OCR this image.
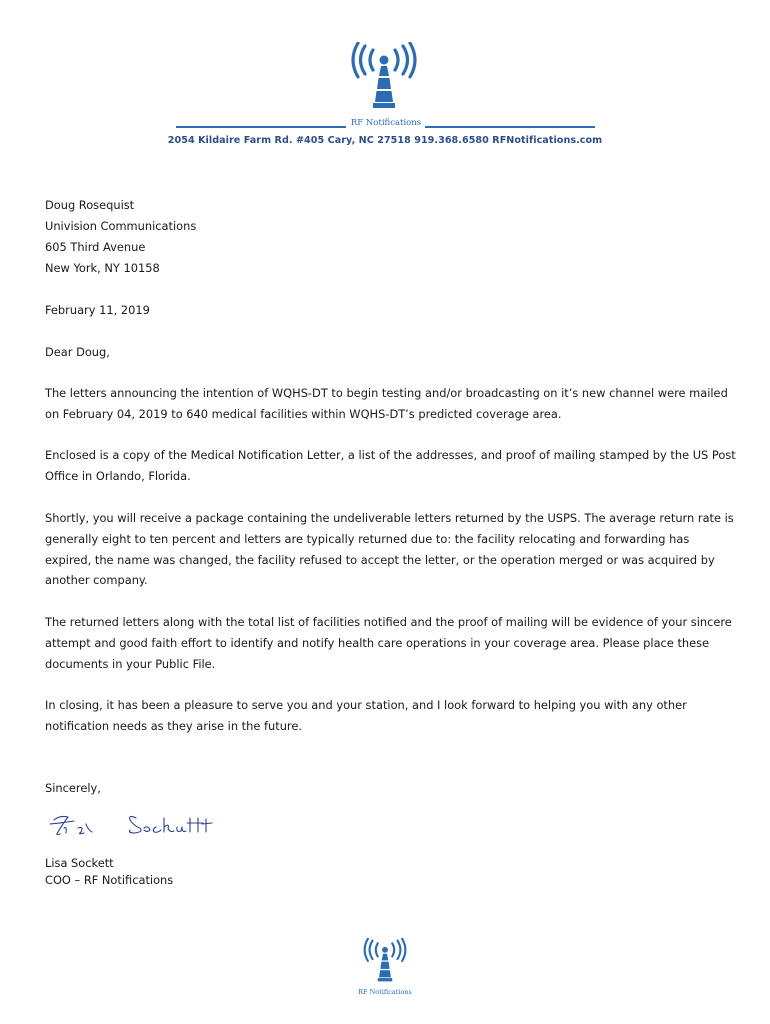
RF Notifications
2054 Kildaire Farm Rd. #405 Cary, NC 27518 919.368.6580 RFNotifications.com
Doug Rosequist
Univision Communications
605 Third Avenue
New York, NY 10158
February 11, 2019
Dear Doug,
The letters announcing the intention of WQHS-DT to begin testing and/or broadcasting on it’s new channel were mailed
on February 04, 2019 to 640 medical facilities within WQHS-DT’s predicted coverage area.
Enclosed is a copy of the Medical Notification Letter, a list of the addresses, and proof of mailing stamped by the US Post
Office in Orlando, Florida.
Shortly, you will receive a package containing the undeliverable letters returned by the USPS. The average return rate is
generally eight to ten percent and letters are typically returned due to: the facility relocating and forwarding has
expired, the name was changed, the facility refused to accept the letter, or the operation merged or was acquired by
another company.
The returned letters along with the total list of facilities notified and the proof of mailing will be evidence of your sincere
attempt and good faith effort to identify and notify health care operations in your coverage area. Please place these
documents in your Public File.
In closing, it has been a pleasure to serve you and your station, and I look forward to helping you with any other
notification needs as they arise in the future.
Sincerely,
Lisa Sockett
COO – RF Notifications
RF Notifications
